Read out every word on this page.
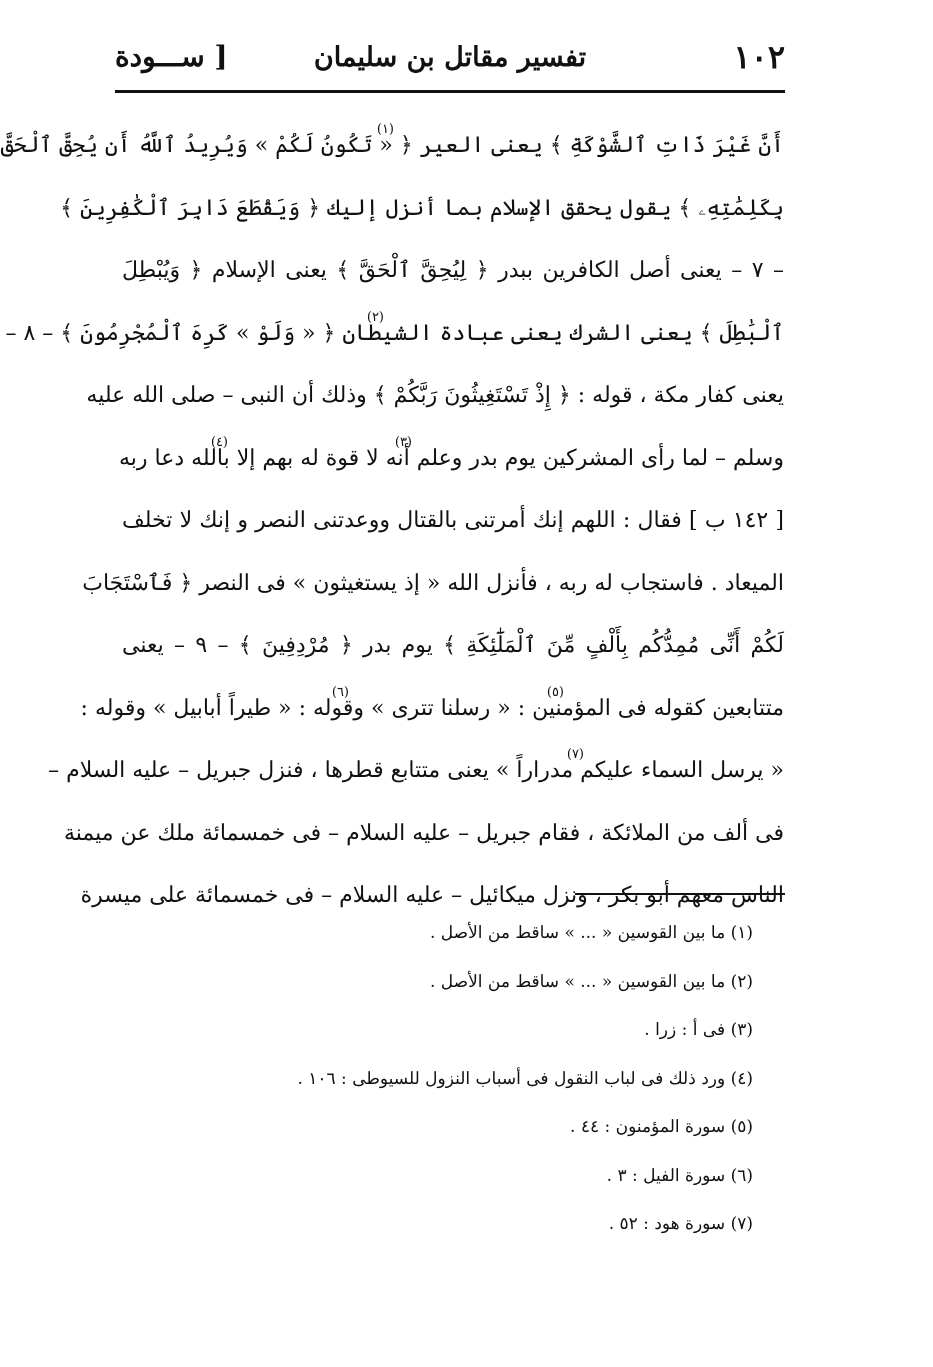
١٠٢
تفسير مقاتل بن سليمان
[ ســـودة
(١)
أَنَّ غَيْرَ ذَاتِ ٱلشَّوْكَةِ ﴾ يعنى العير ﴿ « تَكُونُ لَكُمْ » وَيُرِيدُ ٱللَّهُ أَن يُحِقَّ ٱلْحَقَّ
بِكَلِمَٰتِهِۦ ﴾ يقول يحقق الإسلام بما أنزل إليك ﴿ وَيَقْطَعَ دَابِرَ ٱلْكَٰفِرِينَ ﴾
– ٧ – يعنى أصل الكافرين ببدر ﴿ لِيُحِقَّ ٱلْحَقَّ ﴾ يعنى الإسلام ﴿ وَيُبْطِلَ
(٢)
ٱلْبَٰطِلَ ﴾ يعنى الشرك يعنى عبادة الشيطان ﴿ « وَلَوْ » كَرِهَ ٱلْمُجْرِمُونَ ﴾ – ٨ –
يعنى كفار مكة ، قوله : ﴿ إِذْ تَسْتَغِيثُونَ رَبَّكُمْ ﴾ وذلك أن النبى – صلى الله عليه
(٣)
(٤)
وسلم – لما رأى المشركين يوم بدر وعلم أنه لا قوة له بهم إلا بالله دعا ربه
[ ١٤٢ ب ] فقال : اللهم إنك أمرتنى بالقتال ووعدتنى النصر و إنك لا تخلف
الميعاد . فاستجاب له ربه ، فأنزل الله « إذ يستغيثون » فى النصر ﴿ فَٱسْتَجَابَ
لَكُمْ أَنِّى مُمِدُّكُم بِأَلْفٍ مِّنَ ٱلْمَلَٰٓئِكَةِ ﴾ يوم بدر ﴿ مُرْدِفِينَ ﴾ – ٩ – يعنى
(٥)
(٦)
متتابعين كقوله فى المؤمنين : « رسلنا تترى » وقوله : « طيراً أبابيل » وقوله :
(٧)
« يرسل السماء عليكم مدراراً » يعنى متتابع قطرها ، فنزل جبريل – عليه السلام –
فى ألف من الملائكة ، فقام جبريل – عليه السلام – فى خمسمائة ملك عن ميمنة
الناس معهم أبو بكر ، ونزل ميكائيل – عليه السلام – فى خمسمائة على ميسرة
(١) ما بين القوسين « ... » ساقط من الأصل .
(٢) ما بين القوسين « ... » ساقط من الأصل .
(٣) فى أ : زرا .
(٤) ورد ذلك فى لباب النقول فى أسباب النزول للسيوطى : ١٠٦ .
(٥) سورة المؤمنون : ٤٤ .
(٦) سورة الفيل : ٣ .
(٧) سورة هود : ٥٢ .
